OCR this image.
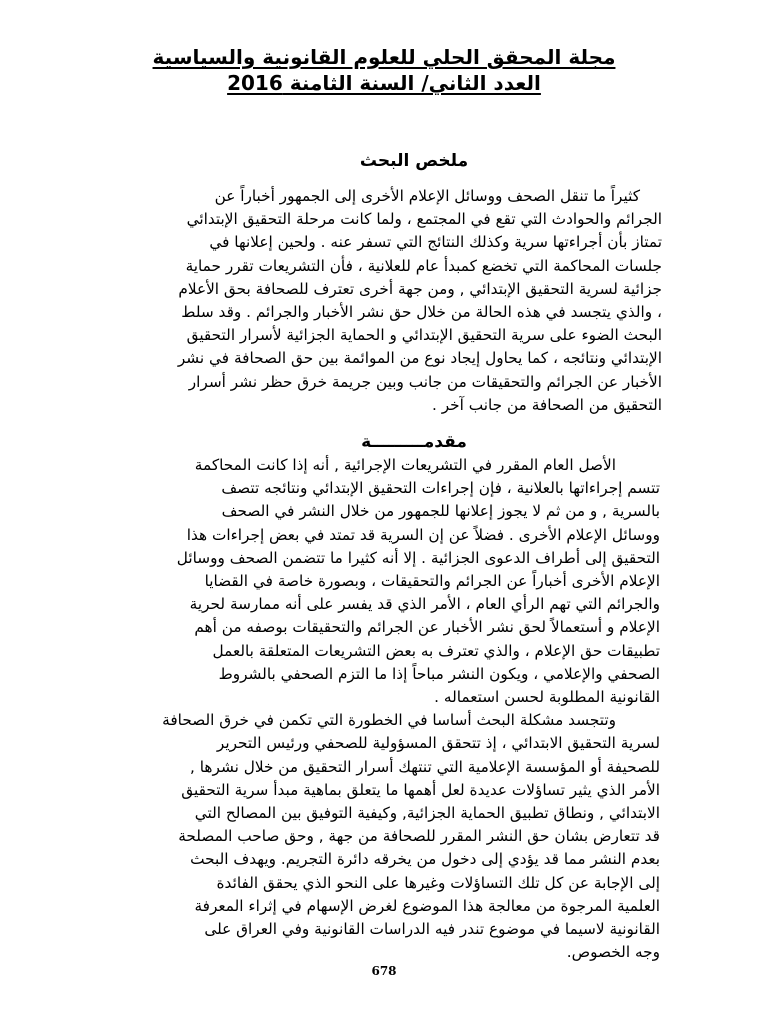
مجلة المحقق الحلي للعلوم القانونية والسياسية
العدد الثاني/ السنة الثامنة 2016
ملخص البحث
كثيراً ما تنقل الصحف ووسائل الإعلام الأخرى إلى الجمهور أخباراً عن
الجرائم والحوادث التي تقع في المجتمع ، ولما كانت مرحلة التحقيق الإبتدائي
تمتاز بأن أجراءتها سرية وكذلك النتائج التي تسفر عنه . ولحين إعلانها في
جلسات المحاكمة التي تخضع كمبدأ عام للعلانية ، فأن التشريعات تقرر حماية
جزائية لسرية التحقيق الإبتدائي , ومن جهة أخرى تعترف للصحافة بحق الأعلام
، والذي يتجسد في هذه الحالة من خلال حق نشر الأخبار والجرائم . وقد سلط
البحث الضوء على سرية التحقيق الإبتدائي و الحماية الجزائية لأسرار التحقيق
الإبتدائي ونتائجه ، كما يحاول إيجاد نوع من الموائمة بين حق الصحافة في نشر
الأخبار عن الجرائم والتحقيقات من جانب وبين جريمة خرق حظر نشر أسرار
التحقيق من الصحافة من جانب آخر .
مقدمـــــــــة
الأصل العام المقرر في التشريعات الإجرائية , أنه إذا كانت المحاكمة
تتسم إجراءاتها بالعلانية ، فإن إجراءات التحقيق الإبتدائي ونتائجه تتصف
بالسرية , و من ثم لا يجوز إعلانها للجمهور من خلال النشر في الصحف
ووسائل الإعلام الأخرى . فضلاً عن إن السرية قد تمتد في بعض إجراءات هذا
التحقيق إلى أطراف الدعوى الجزائية . إلا أنه كثيرا ما تتضمن الصحف ووسائل
الإعلام الأخرى أخباراً عن الجرائم والتحقيقات ، وبصورة خاصة في القضايا
والجرائم التي تهم الرأي العام ، الأمر الذي قد يفسر على أنه ممارسة لحرية
الإعلام و أستعمالاً لحق نشر الأخبار عن الجرائم والتحقيقات بوصفه من أهم
تطبيقات حق الإعلام ، والذي تعترف به بعض التشريعات المتعلقة بالعمل
الصحفي والإعلامي ، ويكون النشر مباحاً إذا ما التزم الصحفي بالشروط
القانونية المطلوبة لحسن استعماله .
وتتجسد مشكلة البحث أساسا في الخطورة التي تكمن في خرق الصحافة
لسرية التحقيق الابتدائي ، إذ تتحقق المسؤولية للصحفي ورئيس التحرير
للصحيفة أو المؤسسة الإعلامية التي تنتهك أسرار التحقيق من خلال نشرها ,
الأمر الذي يثير تساؤلات عديدة لعل أهمها ما يتعلق بماهية مبدأ سرية التحقيق
الابتدائي , ونطاق تطبيق الحماية الجزائية, وكيفية التوفيق بين المصالح التي
قد تتعارض بشان حق النشر المقرر للصحافة من جهة , وحق صاحب المصلحة
بعدم النشر مما قد يؤدي إلى دخول من يخرقه دائرة التجريم. ويهدف البحث
إلى الإجابة عن كل تلك التساؤلات وغيرها على النحو الذي يحقق الفائدة
العلمية المرجوة من معالجة هذا الموضوع لغرض الإسهام في إثراء المعرفة
القانونية لاسيما في موضوع تندر فيه الدراسات القانونية وفي العراق على
وجه الخصوص.
678
